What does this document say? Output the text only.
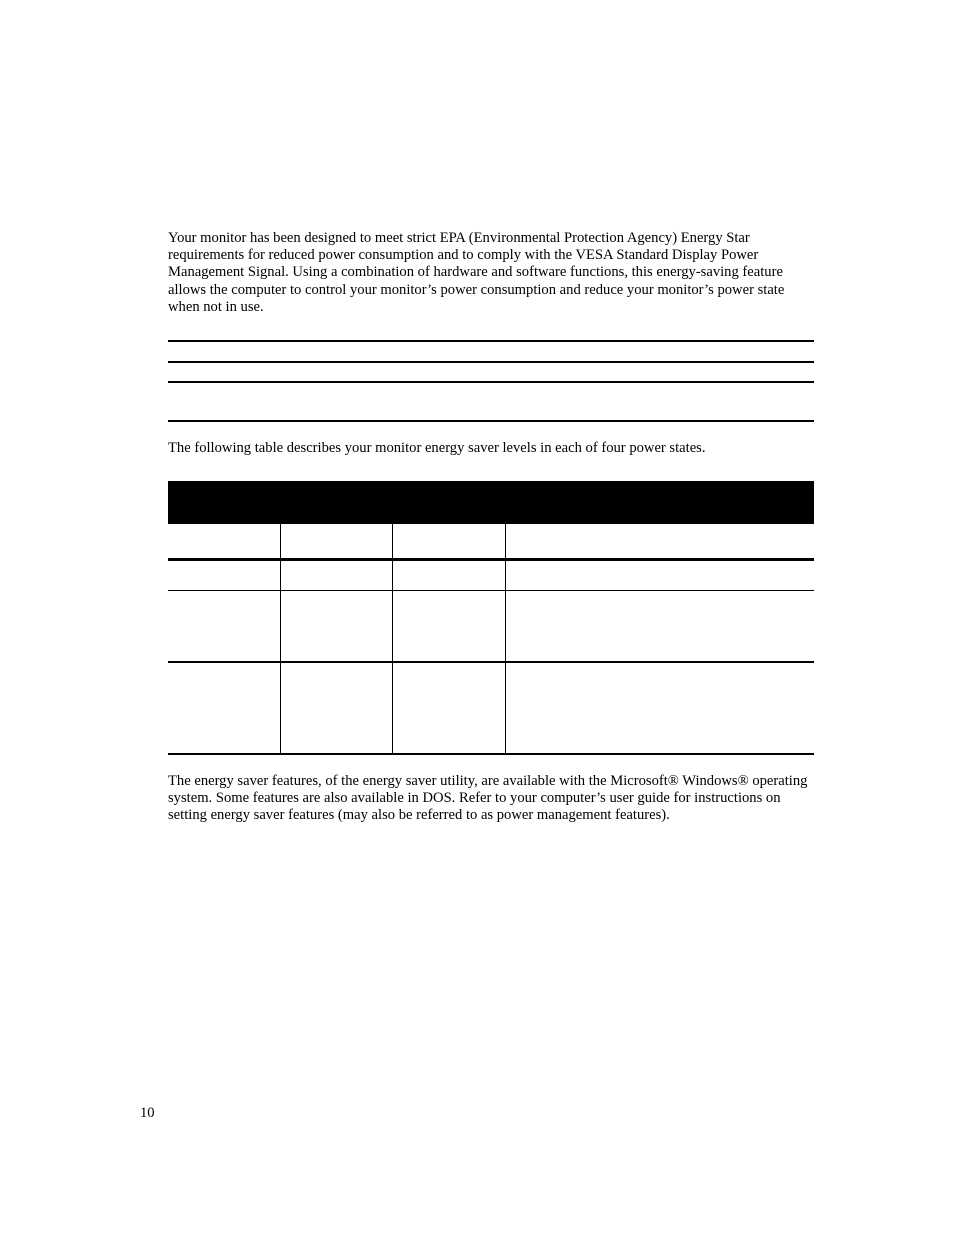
Your monitor has been designed to meet strict EPA (Environmental Protection Agency) Energy Star requirements for reduced power consumption and to comply with the VESA Standard Display Power Management Signal. Using a combination of hardware and software functions, this energy-saving feature allows the computer to control your monitor’s power consumption and reduce your monitor’s power state when not in use.

The following table describes your monitor energy saver levels in each of four power states.

The energy saver features, of the energy saver utility, are available with the Microsoft® Windows® operating system. Some features are also available in DOS. Refer to your computer’s user guide for instructions on setting energy saver features (may also be referred to as power management features).

10
